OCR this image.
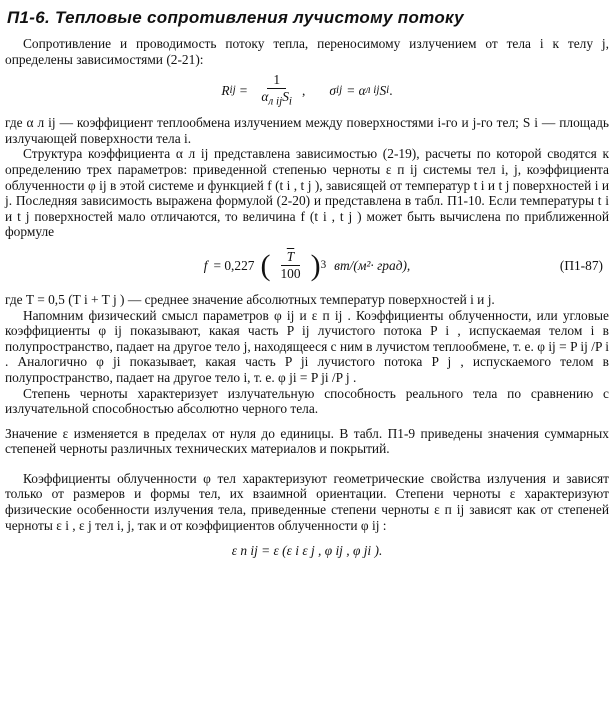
П1-6. Тепловые сопротивления лучистому потоку

Сопротивление и проводимость потоку тепла, переносимому излучением от тела i к телу j, определены зависимостями (2-21):

R ij = $\frac{1}{\alpha_{л ij}S_i}$ , σ ij = α л ij S i .

где α л ij — коэффициент теплообмена излучением между поверхностями i-го и j-го тел; S i — площадь излучающей поверхности тела i.

Структура коэффициента α л ij представлена зависимостью (2-19), расчеты по которой сводятся к определению трех параметров: приведенной степенью черноты ε п ij системы тел i, j, коэффициента облученности φ ij в этой системе и функцией f (t i , t j ), зависящей от температур t i и t j поверхностей i и j. Последняя зависимость выражена формулой (2-20) и представлена в табл. П1-10. Если температуры t i и t j поверхностей мало отличаются, то величина f (t i , t j ) может быть вычислена по приближенной формуле

f = 0,227 ( $\frac{\overline{T}}{100}$ ) 3 вт/(м²· град),	(П1-87)

где T = 0,5 (T i + T j ) — среднее значение абсолютных температур поверхностей i и j.

Напомним физический смысл параметров φ ij и ε п ij . Коэффициенты облученности, или угловые коэффициенты φ ij показывают, какая часть P ij лучистого потока P i , испускаемая телом i в полупространство, падает на другое тело j, находящееся с ним в лучистом теплообмене, т. е. φ ij = P ij /P i . Аналогично φ ji показывает, какая часть P ji лучистого потока P j , испускаемого телом в полупространство, падает на другое тело i, т. е. φ ji = P ji /P j .

Степень черноты характеризует излучательную способность реального тела по сравнению с излучательной способностью абсолютно черного тела.

Значение ε изменяется в пределах от нуля до единицы. В табл. П1-9 приведены значения суммарных степеней черноты различных технических материалов и покрытий.

Коэффициенты облученности φ тел характеризуют геометрические свойства излучения и зависят только от размеров и формы тел, их взаимной ориентации. Степени черноты ε характеризуют физические особенности излучения тела, приведенные степени черноты ε п ij зависят как от степеней черноты ε i , ε j тел i, j, так и от коэффициентов облученности φ ij :

ε п ij = ε (ε i ε j , φ ij , φ ji ).
